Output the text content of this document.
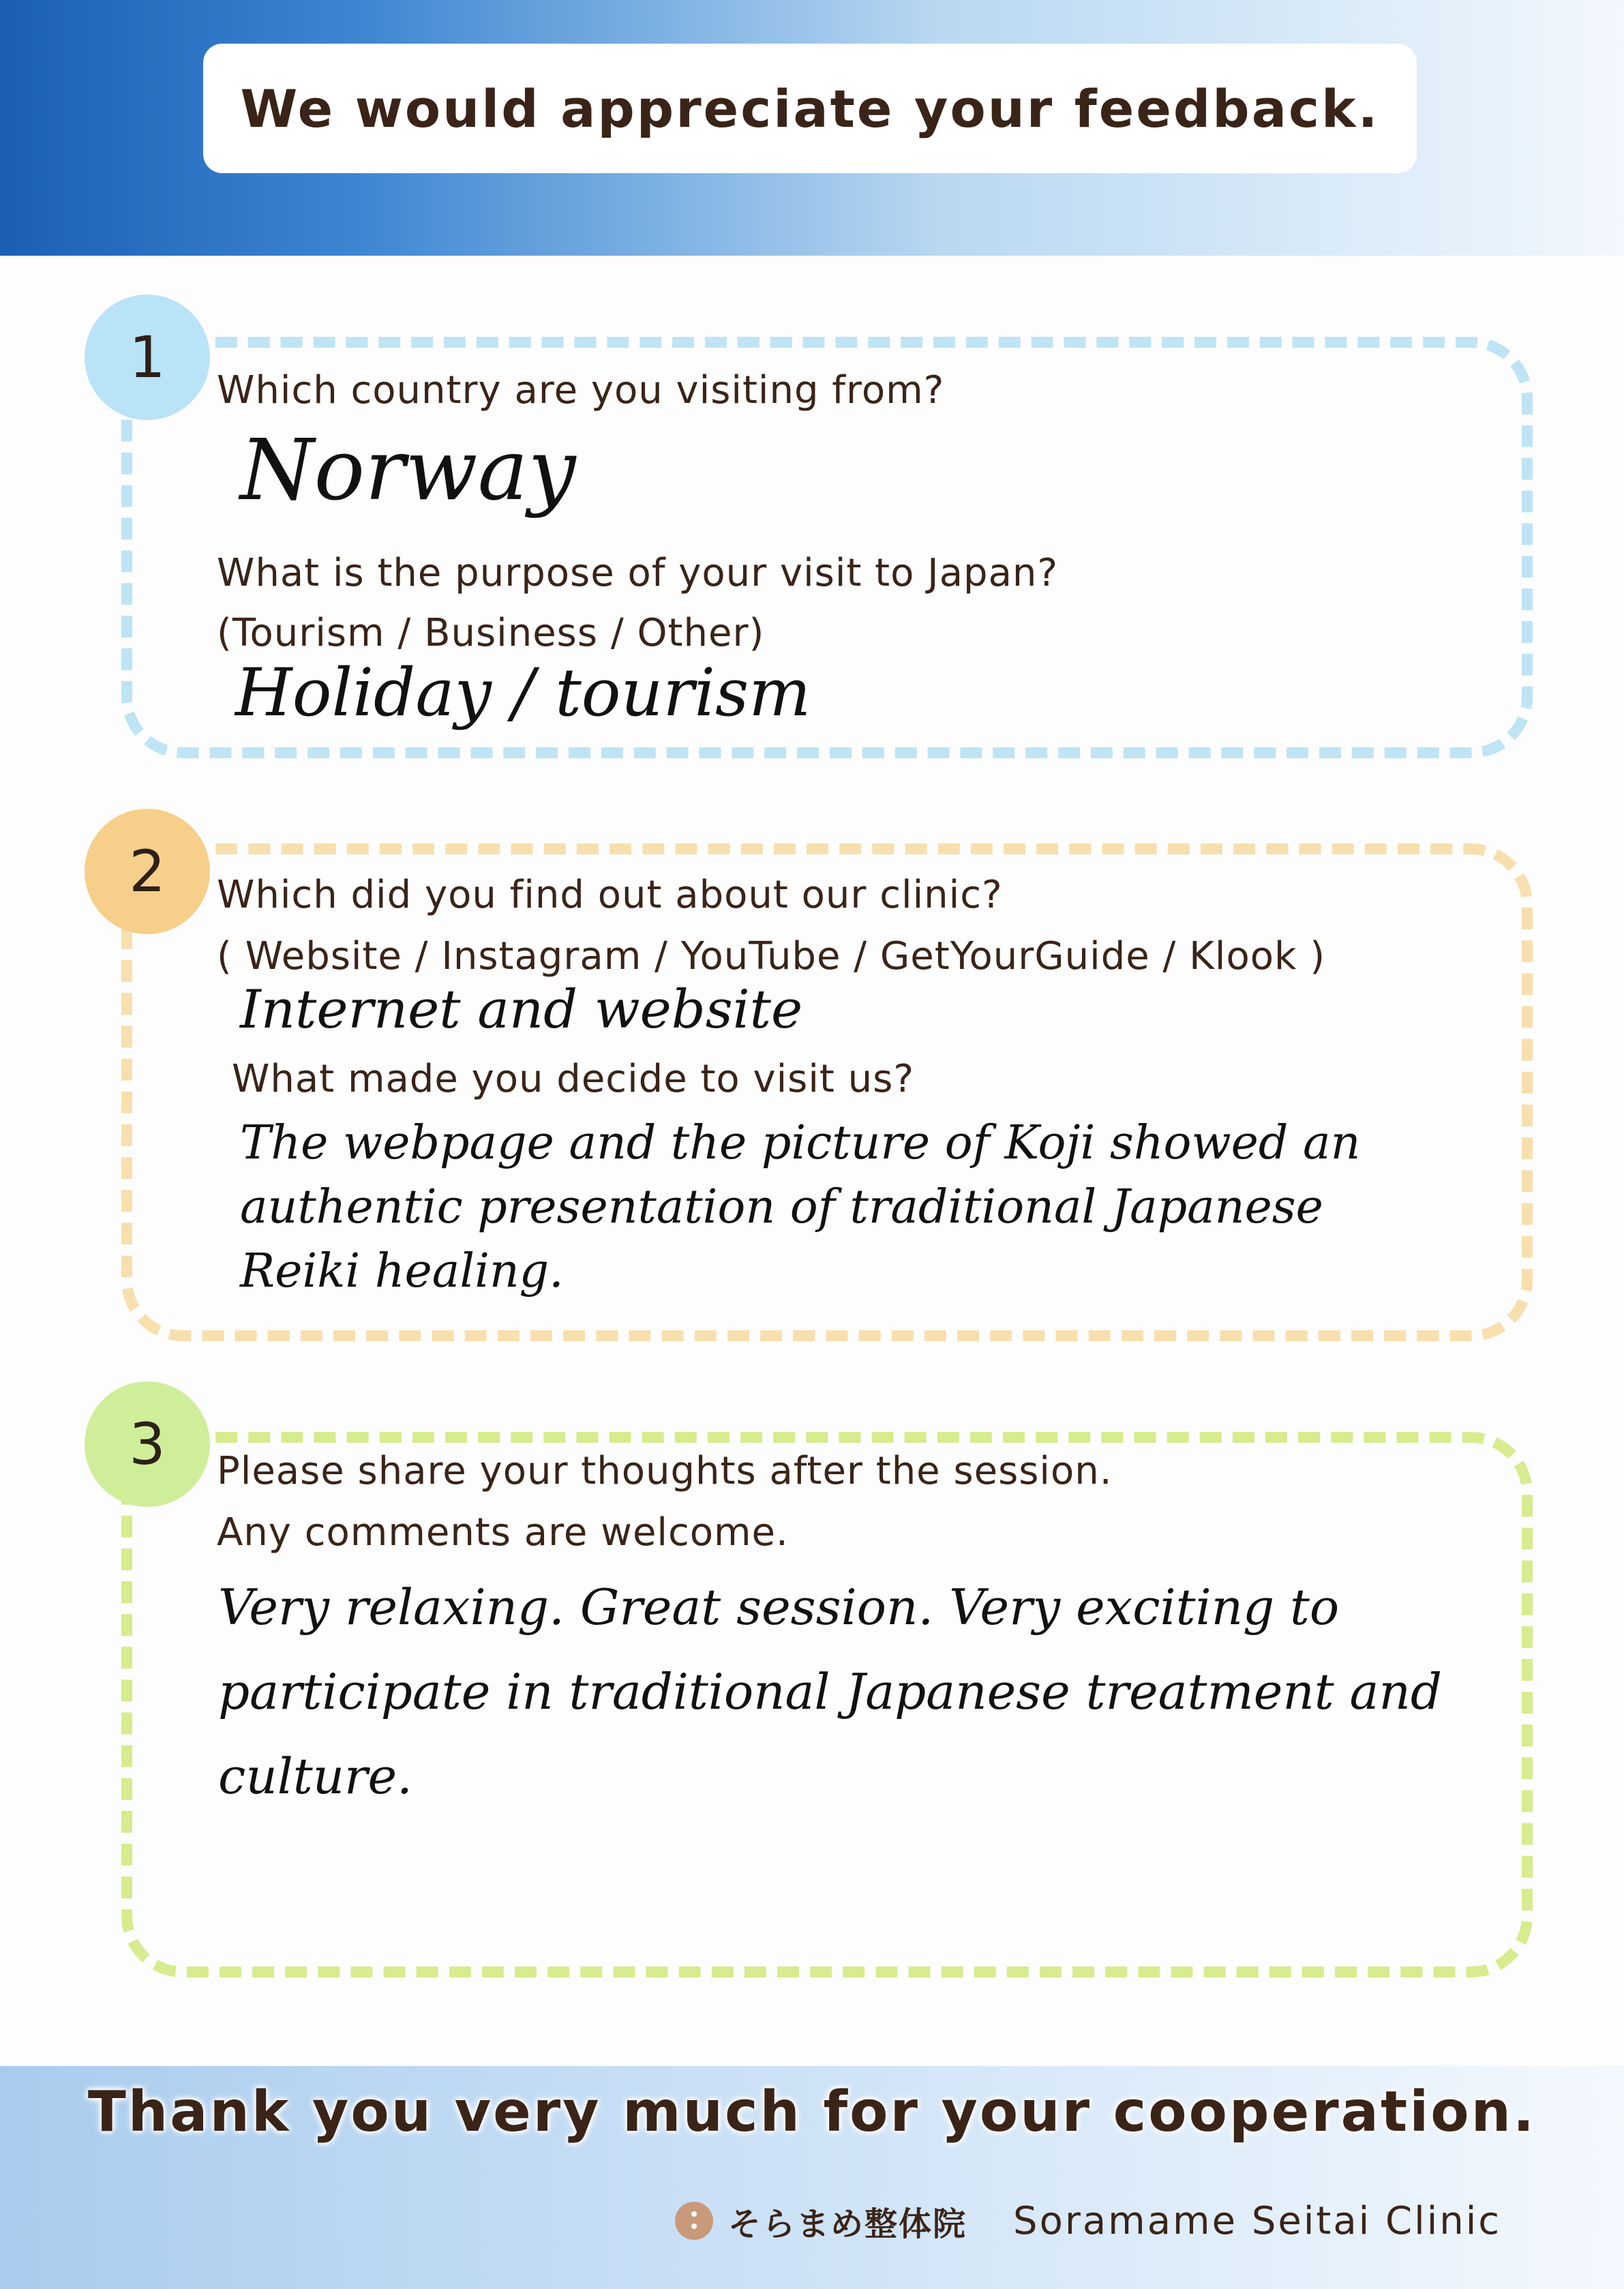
We would appreciate your feedback.
1	Which country are you visiting from?
Norway
What is the purpose of your visit to Japan?
(Tourism / Business / Other)
Holiday / tourism
2	Which did you find out about our clinic?
( Website / Instagram / YouTube / GetYourGuide / Klook )
Internet and website
What made you decide to visit us?
The webpage and the picture of Koji showed an
authentic presentation of traditional Japanese
Reiki healing.
3	Please share your thoughts after the session.
Any comments are welcome.
Very relaxing. Great session. Very exciting to
participate in traditional Japanese treatment and
culture.
Thank you very much for your cooperation.
そらまめ整体院 Soramame Seitai Clinic
